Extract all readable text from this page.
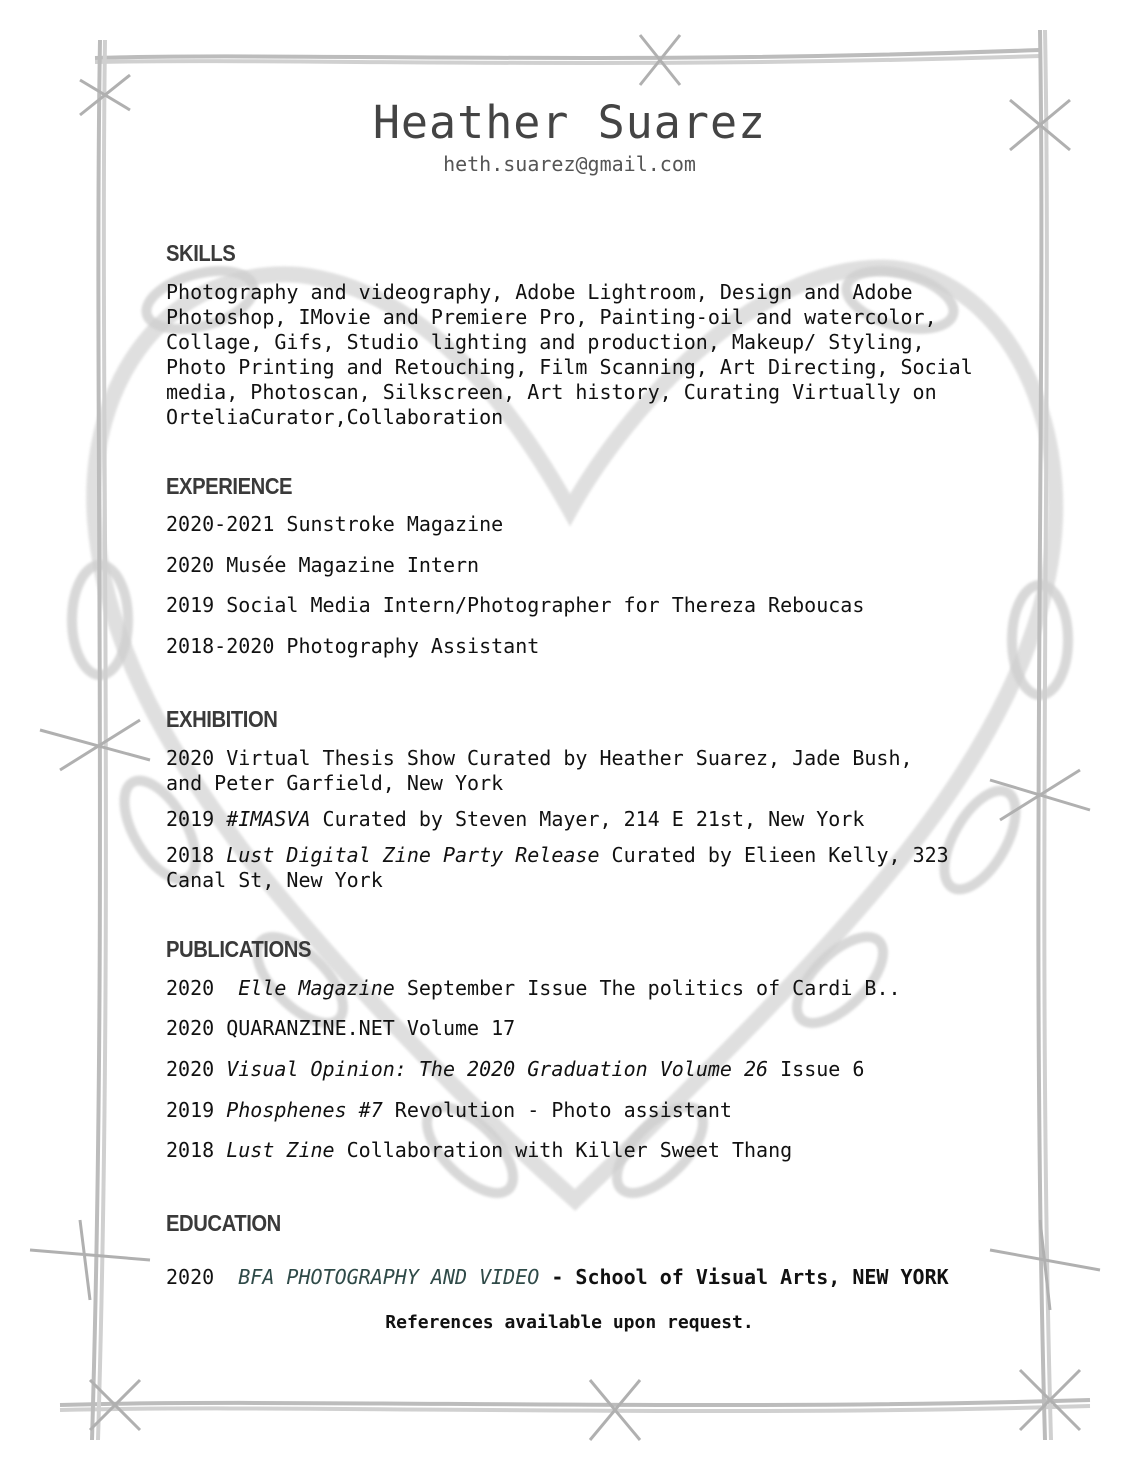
Heather Suarez
heth.suarez@gmail.com
SKILLS
Photography and videography, Adobe Lightroom, Design and Adobe Photoshop, IMovie and Premiere Pro, Painting-oil and watercolor, Collage, Gifs, Studio lighting and production, Makeup/ Styling, Photo Printing and Retouching, Film Scanning, Art Directing, Social media, Photoscan, Silkscreen, Art history, Curating Virtually on OrteliaCurator,Collaboration
EXPERIENCE
2020-2021 Sunstroke Magazine
2020 Musée Magazine Intern
2019 Social Media Intern/Photographer for Thereza Reboucas
2018-2020 Photography Assistant
EXHIBITION
2020 Virtual Thesis Show Curated by Heather Suarez, Jade Bush, and Peter Garfield, New York
2019 #IMASVA Curated by Steven Mayer, 214 E 21st, New York
2018 Lust Digital Zine Party Release Curated by Elieen Kelly, 323 Canal St, New York
PUBLICATIONS
2020  Elle Magazine September Issue The politics of Cardi B..
2020 QUARANZINE.NET Volume 17
2020 Visual Opinion: The 2020 Graduation Volume 26 Issue 6
2019 Phosphenes #7 Revolution - Photo assistant
2018 Lust Zine Collaboration with Killer Sweet Thang
EDUCATION
2020  BFA PHOTOGRAPHY AND VIDEO - School of Visual Arts, NEW YORK
References available upon request.
